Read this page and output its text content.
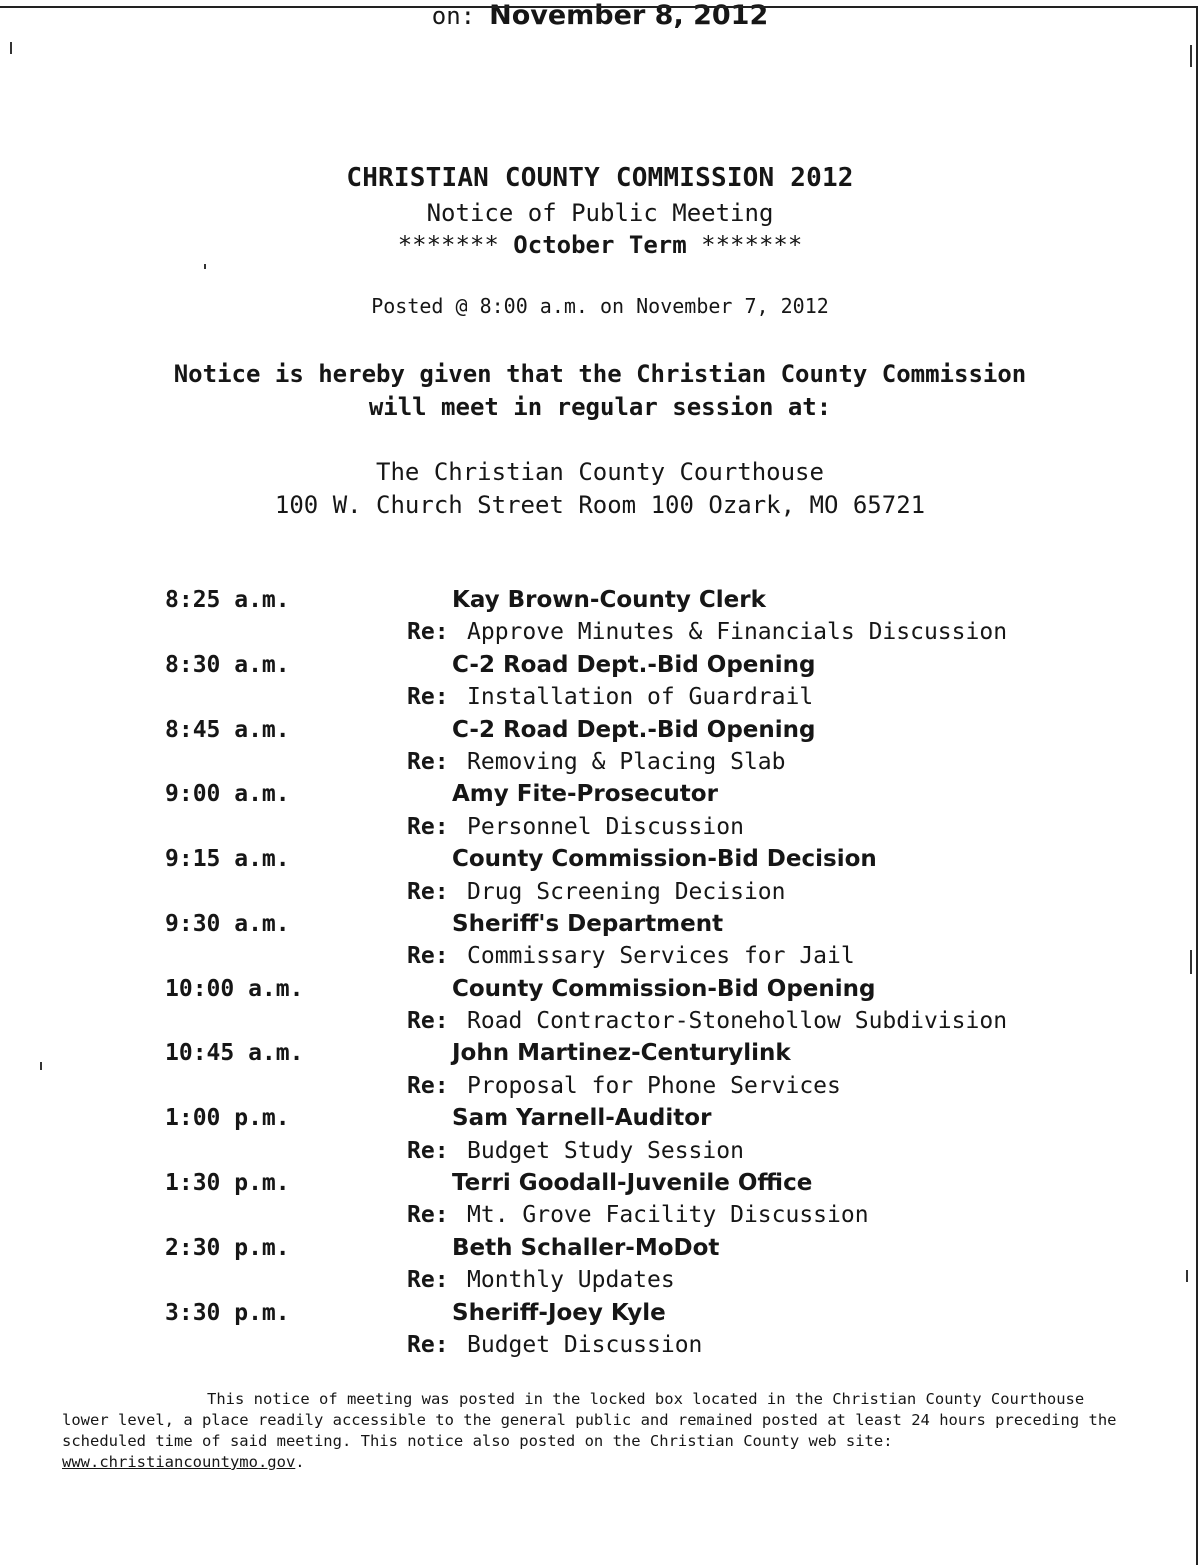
CHRISTIAN COUNTY COMMISSION 2012
Notice of Public Meeting
******* October Term *******
Posted @ 8:00 a.m. on November 7, 2012
Notice is hereby given that the Christian County Commission
will meet in regular session at:
The Christian County Courthouse
100 W. Church Street Room 100 Ozark, MO 65721
on: November 8, 2012
8:25 a.m.	Kay Brown-County Clerk
Re: Approve Minutes & Financials Discussion
8:30 a.m.	C-2 Road Dept.-Bid Opening
Re: Installation of Guardrail
8:45 a.m.	C-2 Road Dept.-Bid Opening
Re: Removing & Placing Slab
9:00 a.m.	Amy Fite-Prosecutor
Re: Personnel Discussion
9:15 a.m.	County Commission-Bid Decision
Re: Drug Screening Decision
9:30 a.m.	Sheriff's Department
Re: Commissary Services for Jail
10:00 a.m.	County Commission-Bid Opening
Re: Road Contractor-Stonehollow Subdivision
10:45 a.m.	John Martinez-Centurylink
Re: Proposal for Phone Services
1:00 p.m.	Sam Yarnell-Auditor
Re: Budget Study Session
1:30 p.m.	Terri Goodall-Juvenile Office
Re: Mt. Grove Facility Discussion
2:30 p.m.	Beth Schaller-MoDot
Re: Monthly Updates
3:30 p.m.	Sheriff-Joey Kyle
Re: Budget Discussion
This notice of meeting was posted in the locked box located in the Christian County Courthouse
lower level, a place readily accessible to the general public and remained posted at least 24 hours preceding the
scheduled time of said meeting. This notice also posted on the Christian County web site:
www.christiancountymo.gov.
